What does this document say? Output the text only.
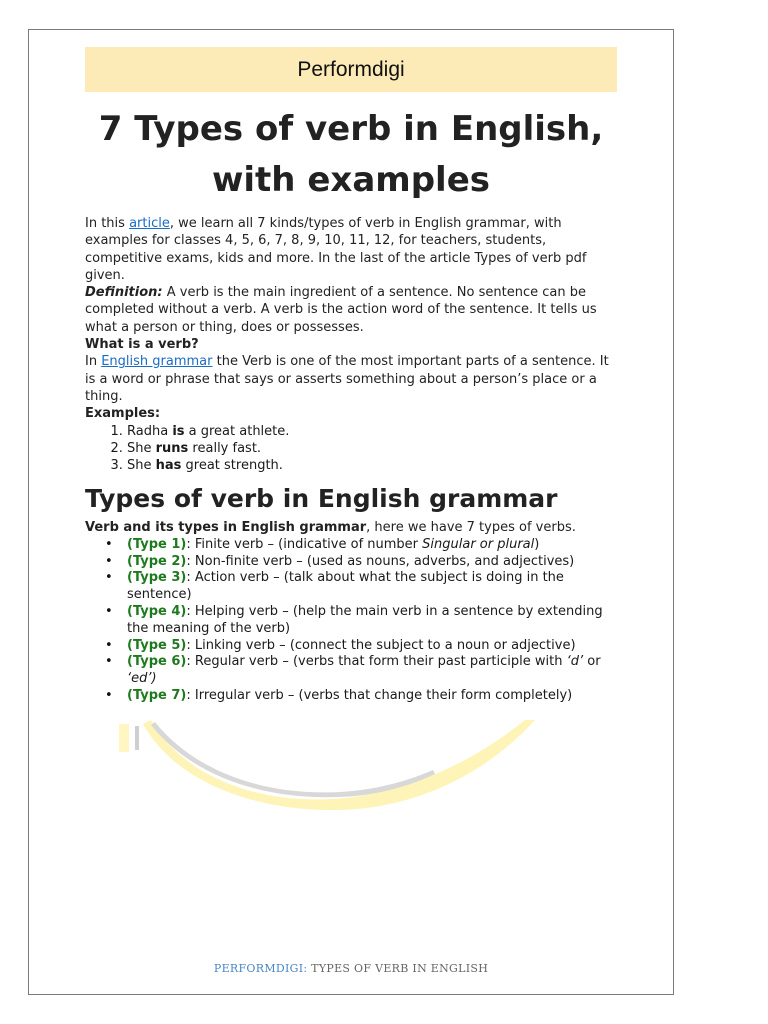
Performdigi
7 Types of verb in English, with examples

In this article, we learn all 7 kinds/types of verb in English grammar, with examples for classes 4, 5, 6, 7, 8, 9, 10, 11, 12, for teachers, students, competitive exams, kids and more. In the last of the article Types of verb pdf given.

Definition: A verb is the main ingredient of a sentence. No sentence can be completed without a verb. A verb is the action word of the sentence. It tells us what a person or thing, does or possesses.

What is a verb?

In English grammar the Verb is one of the most important parts of a sentence. It is a word or phrase that says or asserts something about a person’s place or a thing.

Examples:

1. Radha is a great athlete.
2. She runs really fast.
3. She has great strength.
Types of verb in English grammar

Verb and its types in English grammar, here we have 7 types of verbs.

• (Type 1): Finite verb – (indicative of number Singular or plural)
• (Type 2): Non-finite verb – (used as nouns, adverbs, and adjectives)
• (Type 3): Action verb – (talk about what the subject is doing in the sentence)
• (Type 4): Helping verb – (help the main verb in a sentence by extending the meaning of the verb)
• (Type 5): Linking verb – (connect the subject to a noun or adjective)
• (Type 6): Regular verb – (verbs that form their past participle with ‘d’ or ‘ed’)
• (Type 7): Irregular verb – (verbs that change their form completely)
PERFORMDIGI: TYPES OF VERB IN ENGLISH
